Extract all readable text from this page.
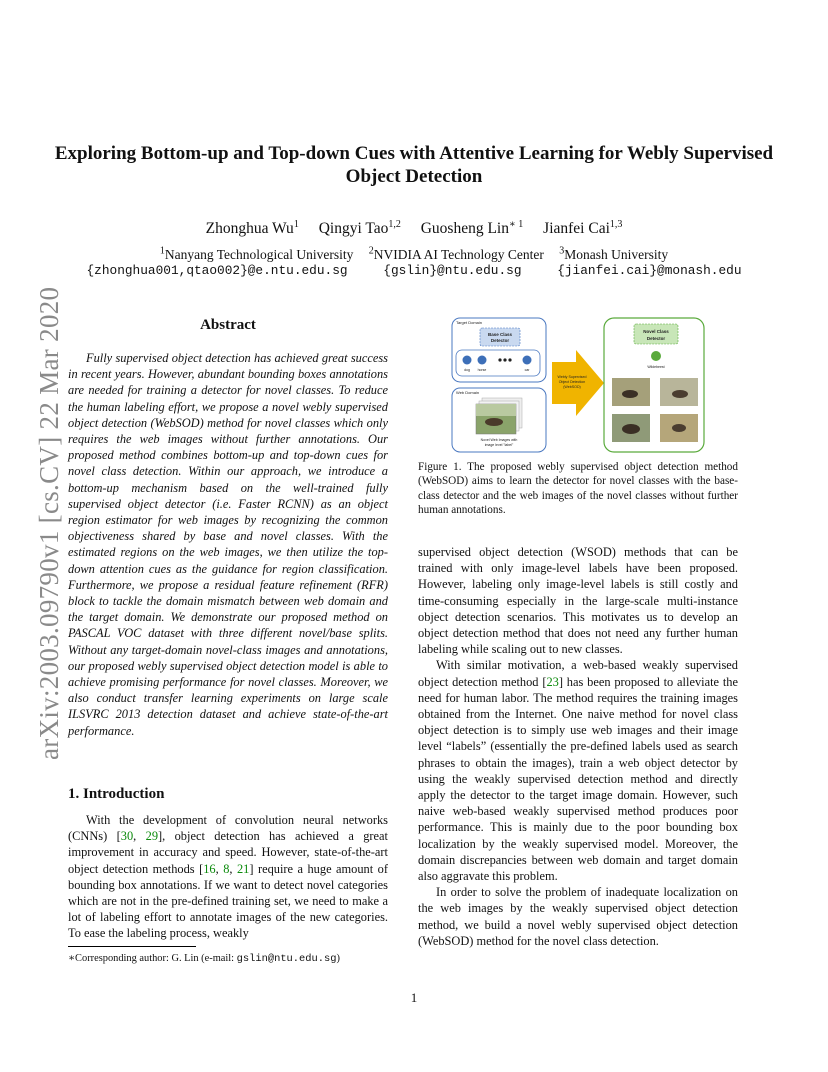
Exploring Bottom-up and Top-down Cues with Attentive Learning for Webly Supervised Object Detection
Zhonghua Wu$^1$ Qingyi Tao$^{1,2}$ Guosheng Lin$^{∗ 1}$ Jianfei Cai$^{1,3}$
$^1$Nanyang Technological University $^2$NVIDIA AI Technology Center $^3$Monash University
{zhonghua001,qtao002}@e.ntu.edu.sg	{gslin}@ntu.edu.sg	{jianfei.cai}@monash.edu
arXiv:2003.09790v1 [cs.CV] 22 Mar 2020	Abstract
Fully supervised object detection has achieved great success in recent years. However, abundant bounding boxes annotations are needed for training a detector for novel classes. To reduce the human labeling effort, we propose a novel webly supervised object detection (WebSOD) method for novel classes which only requires the web images without further annotations. Our proposed method combines bottom-up and top-down cues for novel class detection. Within our approach, we introduce a bottom-up mechanism based on the well-trained fully supervised object detector (i.e. Faster RCNN) as an object region estimator for web images by recognizing the common objectiveness shared by base and novel classes. With the estimated regions on the web images, we then utilize the top-down attention cues as the guidance for region classification. Furthermore, we propose a residual feature refinement (RFR) block to tackle the domain mismatch between web domain and the target domain. We demonstrate our proposed method on PASCAL VOC dataset with three different novel/base splits. Without any target-domain novel-class images and annotations, our proposed webly supervised object detection model is able to achieve promising performance for novel classes. Moreover, we also conduct transfer learning experiments on large scale ILSVRC 2013 detection dataset and achieve state-of-the-art performance.
1. Introduction
With the development of convolution neural networks (CNNs) [30, 29], object detection has achieved a great improvement in accuracy and speed. However, state-of-the-art object detection methods [16, 8, 21] require a huge amount of bounding box annotations. If we want to detect novel categories which are not in the pre-defined training set, we need to make a lot of labeling effort to annotate images of the new categories. To ease the labeling process, weakly
∗Corresponding author: G. Lin (e-mail: gslin@ntu.edu.sg)
Target Domain
Base Class
Detector
dog horse	car
Web Domain
Novel Web Images with
image level "label"
Webly Supervised
Object Detection
(WebSOD)
Novel Class
Detector
Wildebeest
Figure 1. The proposed webly supervised object detection method (WebSOD) aims to learn the detector for novel classes with the base-class detector and the web images of the novel classes without further human annotations.

supervised object detection (WSOD) methods that can be trained with only image-level labels have been proposed. However, labeling only image-level labels is still costly and time-consuming especially in the large-scale multi-instance object detection scenarios. This motivates us to develop an object detection method that does not need any further human labeling while scaling out to new classes.

With similar motivation, a web-based weakly supervised object detection method [23] has been proposed to alleviate the need for human labor. The method requires the training images obtained from the Internet. One naive method for novel class object detection is to simply use web images and their image level “labels” (essentially the pre-defined labels used as search phrases to obtain the images), train a web object detector by using the weakly supervised detection method and directly apply the detector to the target image domain. However, such naive web-based weakly supervised method produces poor performance. This is mainly due to the poor bounding box localization by the weakly supervised model. Moreover, the domain discrepancies between web domain and target domain also aggravate this problem.

In order to solve the problem of inadequate localization on the web images by the weakly supervised object detection method, we build a novel webly supervised object detection (WebSOD) method for the novel class detection.

1
